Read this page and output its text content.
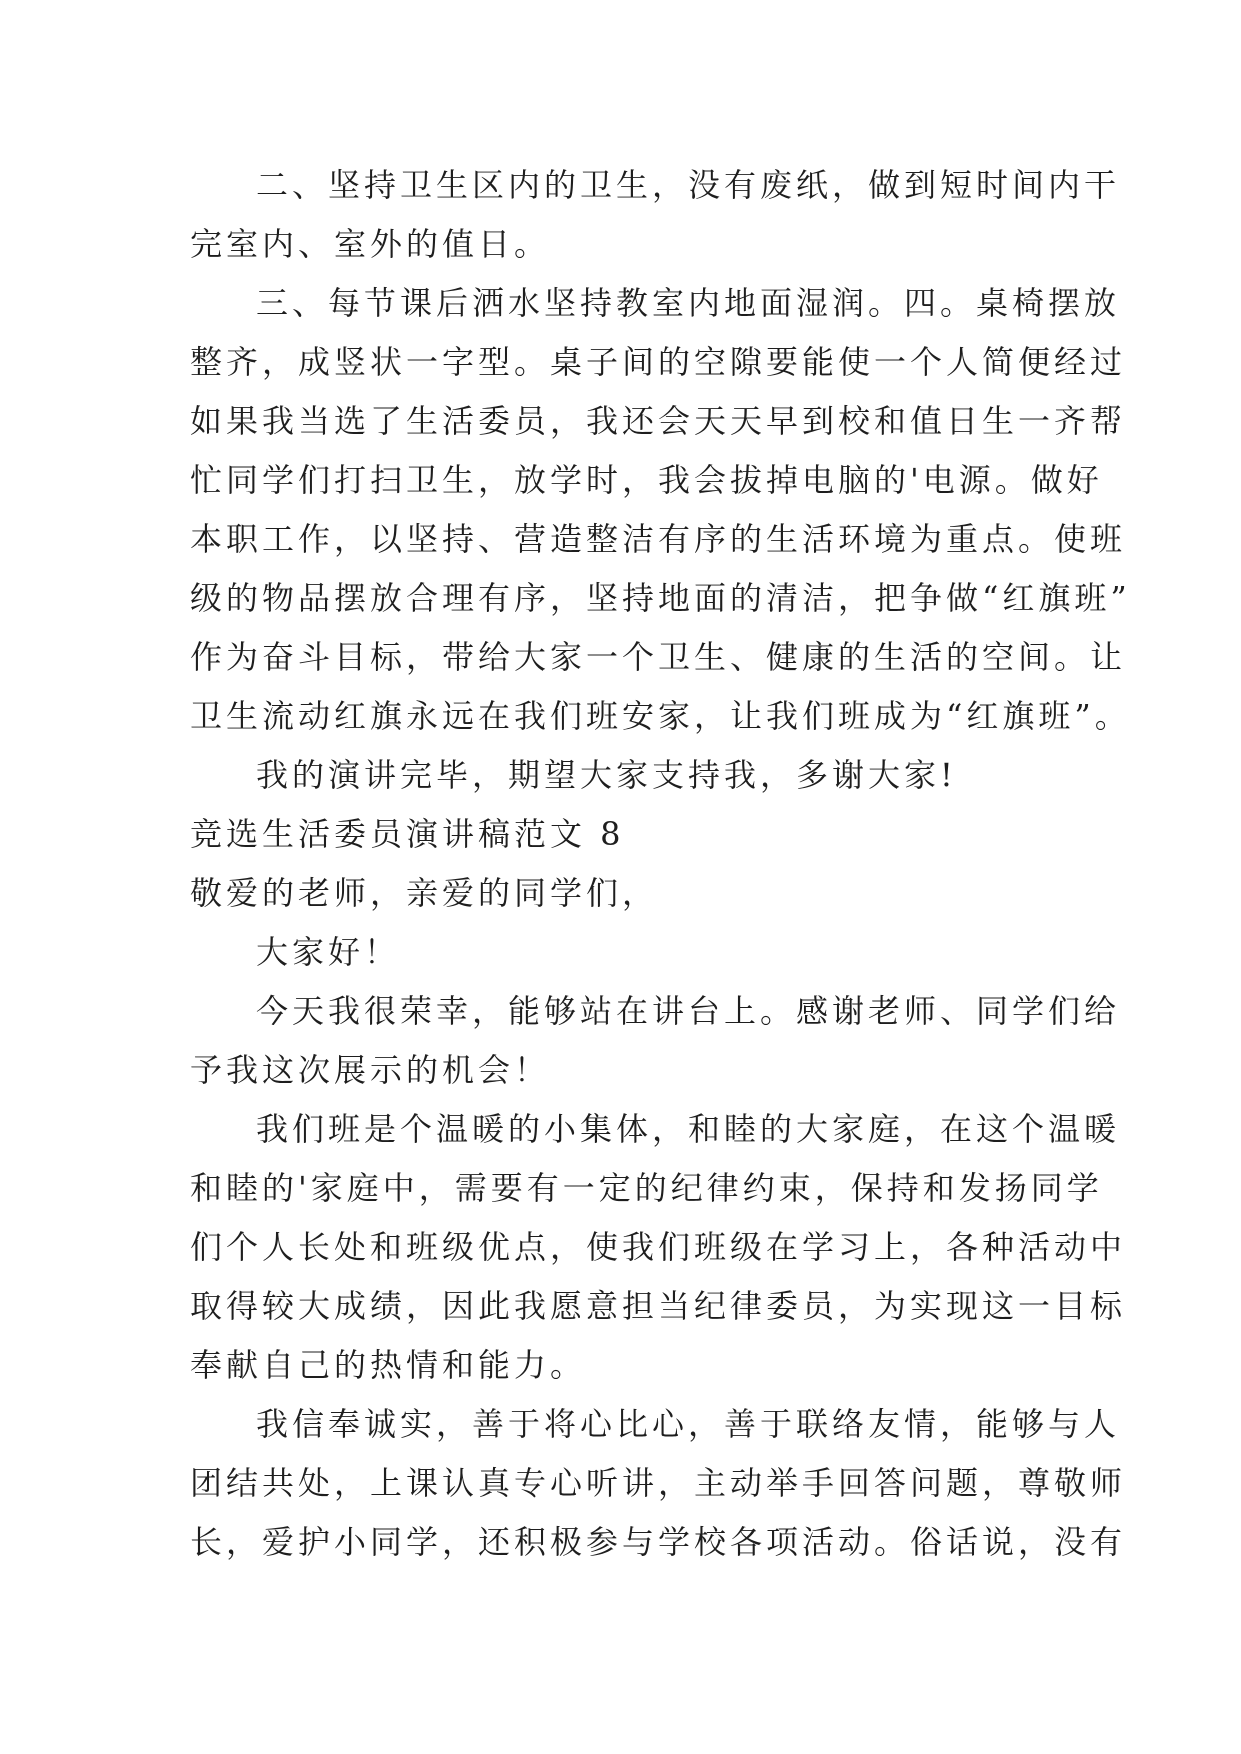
二、坚持卫生区内的卫生，没有废纸，做到短时间内干
完室内、室外的值日。
三、每节课后洒水坚持教室内地面湿润。四。桌椅摆放
整齐，成竖状一字型。桌子间的空隙要能使一个人简便经过
如果我当选了生活委员，我还会天天早到校和值日生一齐帮
忙同学们打扫卫生，放学时，我会拔掉电脑的'电源。做好
本职工作，以坚持、营造整洁有序的生活环境为重点。使班
级的物品摆放合理有序，坚持地面的清洁，把争做“红旗班”
作为奋斗目标，带给大家一个卫生、健康的生活的空间。让
卫生流动红旗永远在我们班安家，让我们班成为“红旗班”。
我的演讲完毕，期望大家支持我，多谢大家!
竞选生活委员演讲稿范文 8
敬爱的老师，亲爱的同学们，
大家好！
今天我很荣幸，能够站在讲台上。感谢老师、同学们给
予我这次展示的机会！
我们班是个温暖的小集体，和睦的大家庭，在这个温暖
和睦的'家庭中，需要有一定的纪律约束，保持和发扬同学
们个人长处和班级优点，使我们班级在学习上，各种活动中
取得较大成绩，因此我愿意担当纪律委员，为实现这一目标
奉献自己的热情和能力。
我信奉诚实，善于将心比心，善于联络友情，能够与人
团结共处，上课认真专心听讲，主动举手回答问题，尊敬师
长，爱护小同学，还积极参与学校各项活动。俗话说，没有
